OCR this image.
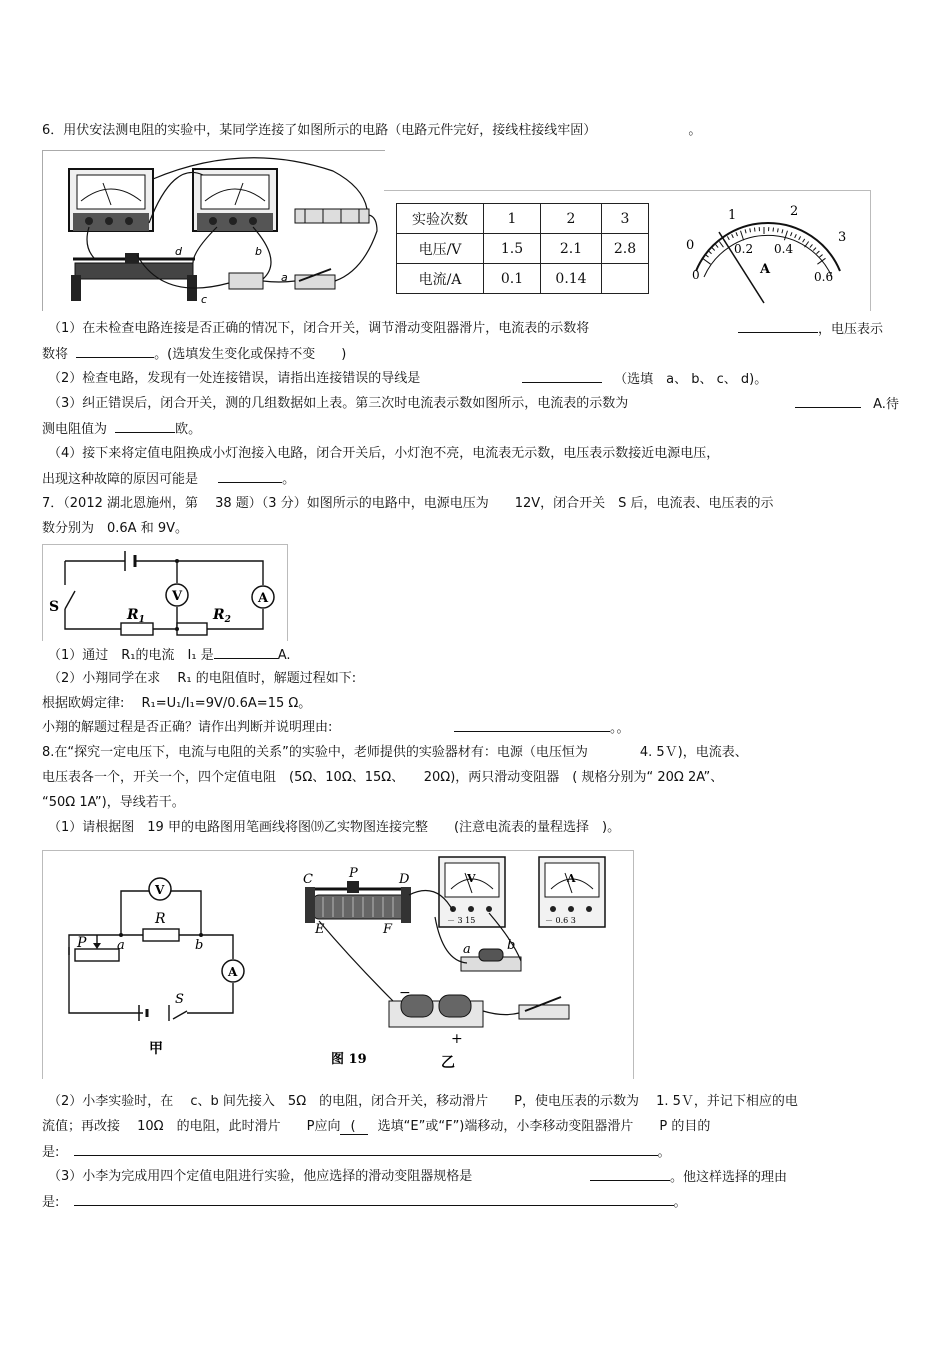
6．用伏安法测电阻的实验中，某同学连接了如图所示的电路（电路元件完好，接线柱接线牢固）	。
d	b
a
c
实验次数	1	2	3
电压/V	1.5	2.1	2.8
电流/A	0.1	0.14	
0
1	2
3
0
0.2 0.4
0.6
A
（1）在未检查电路连接是否正确的情况下，闭合开关，调节滑动变阻器滑片，电流表的示数将	，电压表示
数将	。(选填发生变化或保持不变　　)
（2）检查电路，发现有一处连接错误，请指出连接错误的导线是	（选填　a、 b、 c、 d)。
（3）纠正错误后，闭合开关，测的几组数据如上表。第三次时电流表示数如图所示，电流表的示数为	A.待
测电阻值为	欧。
（4）接下来将定值电阻换成小灯泡接入电路，闭合开关后，小灯泡不亮，电流表无示数，电压表示数接近电源电压，
出现这种故障的原因可能是	。
7．（2012 湖北恩施州，第　 38 题）（3 分）如图所示的电路中，电源电压为　　12V，闭合开关　S 后，电流表、电压表的示
数分别为　0.6A 和 9V。
V	A
S	$R_1$	$R_2$
（1）通过　R₁的电流　I₁ 是	A.
（2）小翔同学在求　 R₁ 的电阻值时，解题过程如下:
根据欧姆定律:　 R₁=U₁/I₁=9V/0.6A=15 Ω。
小翔的解题过程是否正确？请作出判断并说明理由:	。。
8.在“探究一定电压下，电流与电阻的关系”的实验中，老师提供的实验器材有：电源（电压恒为　　　　4. 5Ｖ)，电流表、
电压表各一个，开关一个，四个定值电阻　(5Ω、10Ω、15Ω、　　20Ω)，两只滑动变阻器　( 规格分别为“ 20Ω 2A”、
“50Ω 1A”)，导线若干。
（1）请根据图　19 甲的电路图用笔画线将图⒆乙实物图连接完整　　(注意电流表的量程选择　)。
V
A
R
P a	b
S
甲
C	P	D
E	F
V
－ 3 15
A
－ 0.6 3
a	b
−
+
乙
图 19
（2）小李实验时，在　 c、b 间先接入　5Ω　的电阻，闭合开关，移动滑片　　P，使电压表的示数为　 1. 5Ｖ，并记下相应的电
流值；再改接　 10Ω　的电阻，此时滑片　　P应向 ( 选填“E”或“F”)端移动，小李移动变阻器滑片　　P 的目的
是:	。
（3）小李为完成用四个定值电阻进行实验，他应选择的滑动变阻器规格是	。他这样选择的理由
是:	。
